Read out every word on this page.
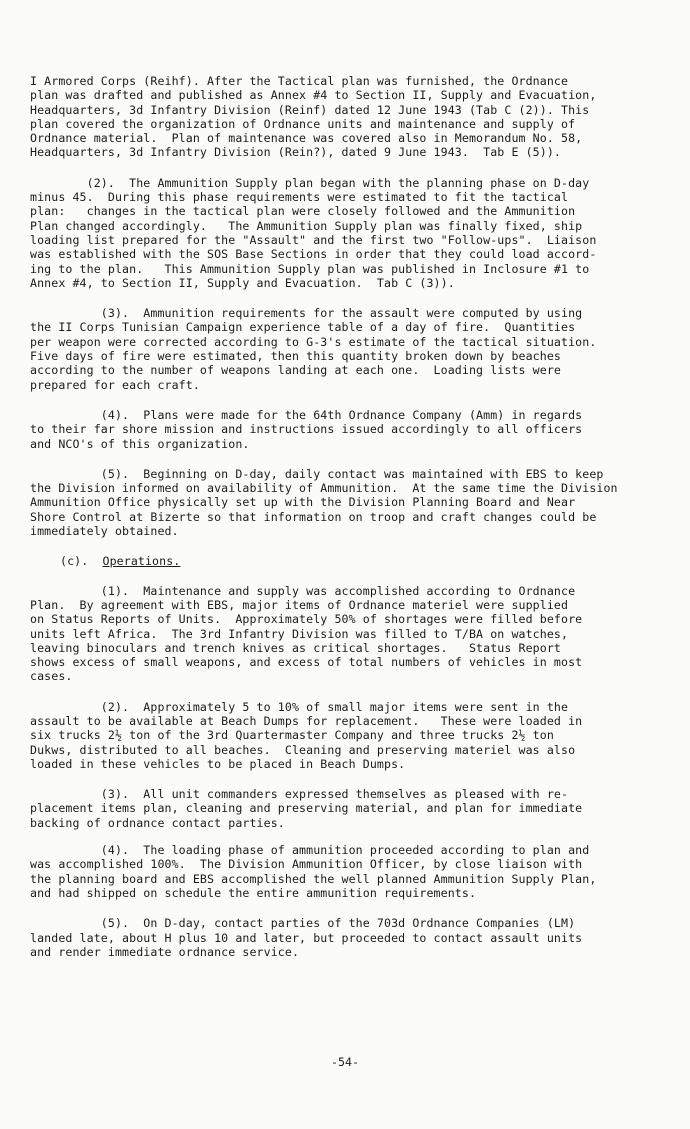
I Armored Corps (Reihf). After the Tactical plan was furnished, the Ordnance
plan was drafted and published as Annex #4 to Section II, Supply and Evacuation,
Headquarters, 3d Infantry Division (Reinf) dated 12 June 1943 (Tab C (2)). This
plan covered the organization of Ordnance units and maintenance and supply of
Ordnance material.  Plan of maintenance was covered also in Memorandum No. 58,
Headquarters, 3d Infantry Division (Rein?), dated 9 June 1943.  Tab E (5)).
(2).  The Ammunition Supply plan began with the planning phase on D-day
minus 45.  During this phase requirements were estimated to fit the tactical
plan:   changes in the tactical plan were closely followed and the Ammunition
Plan changed accordingly.   The Ammunition Supply plan was finally fixed, ship
loading list prepared for the "Assault" and the first two "Follow-ups".  Liaison
was established with the SOS Base Sections in order that they could load accord-
ing to the plan.   This Ammunition Supply plan was published in Inclosure #1 to
Annex #4, to Section II, Supply and Evacuation.  Tab C (3)).
(3).  Ammunition requirements for the assault were computed by using
the II Corps Tunisian Campaign experience table of a day of fire.  Quantities
per weapon were corrected according to G-3's estimate of the tactical situation.
Five days of fire were estimated, then this quantity broken down by beaches
according to the number of weapons landing at each one.  Loading lists were
prepared for each craft.
(4).  Plans were made for the 64th Ordnance Company (Amm) in regards
to their far shore mission and instructions issued accordingly to all officers
and NCO's of this organization.
(5).  Beginning on D-day, daily contact was maintained with EBS to keep
the Division informed on availability of Ammunition.  At the same time the Division
Ammunition Office physically set up with the Division Planning Board and Near
Shore Control at Bizerte so that information on troop and craft changes could be
immediately obtained.
(c). Operations.
(1).  Maintenance and supply was accomplished according to Ordnance
Plan.  By agreement with EBS, major items of Ordnance materiel were supplied
on Status Reports of Units.  Approximately 50% of shortages were filled before
units left Africa.  The 3rd Infantry Division was filled to T/BA on watches,
leaving binoculars and trench knives as critical shortages.   Status Report
shows excess of small weapons, and excess of total numbers of vehicles in most
cases.
(2).  Approximately 5 to 10% of small major items were sent in the
assault to be available at Beach Dumps for replacement.   These were loaded in
six trucks 2½ ton of the 3rd Quartermaster Company and three trucks 2½ ton
Dukws, distributed to all beaches.  Cleaning and preserving materiel was also
loaded in these vehicles to be placed in Beach Dumps.
(3).  All unit commanders expressed themselves as pleased with re-
placement items plan, cleaning and preserving material, and plan for immediate
backing of ordnance contact parties.
(4).  The loading phase of ammunition proceeded according to plan and
was accomplished 100%.  The Division Ammunition Officer, by close liaison with
the planning board and EBS accomplished the well planned Ammunition Supply Plan,
and had shipped on schedule the entire ammunition requirements.
(5).  On D-day, contact parties of the 703d Ordnance Companies (LM)
landed late, about H plus 10 and later, but proceeded to contact assault units
and render immediate ordnance service.
-54-
